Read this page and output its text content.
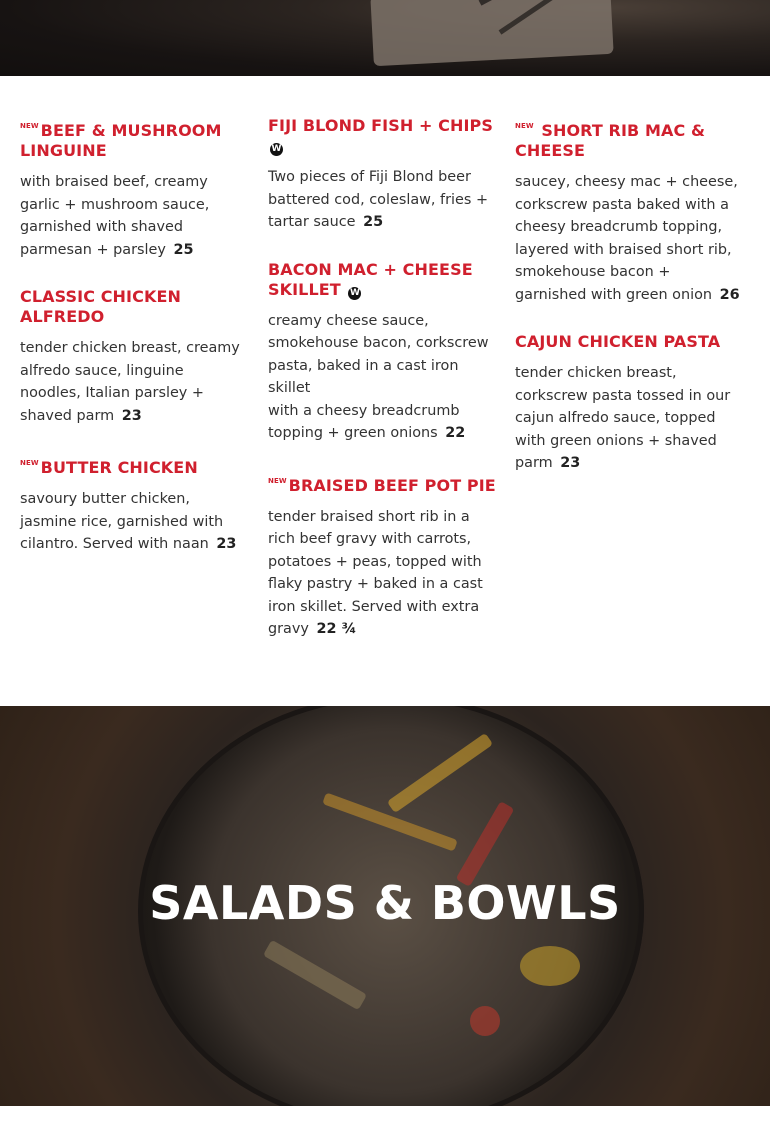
$^{NEW}$ BEEF & MUSHROOM LINGUINE
with braised beef, creamy garlic + mushroom sauce, garnished with shaved parmesan + parsley 25
CLASSIC CHICKEN ALFREDO
tender chicken breast, creamy alfredo sauce, linguine noodles, Italian parsley + shaved parm 23
$^{NEW}$ BUTTER CHICKEN
savoury butter chicken, jasmine rice, garnished with cilantro. Served with naan 23
FIJI BLOND FISH + CHIPS W
Two pieces of Fiji Blond beer battered cod, coleslaw, fries + tartar sauce 25
BACON MAC + CHEESE SKILLET W
creamy cheese sauce, smokehouse bacon, corkscrew pasta, baked in a cast iron skillet
with a cheesy breadcrumb topping + green onions 22
$^{NEW}$ BRAISED BEEF POT PIE
tender braised short rib in a rich beef gravy with carrots, potatoes + peas, topped with flaky pastry + baked in a cast iron skillet. Served with extra gravy 22 ¾
$^{NEW}$ SHORT RIB MAC & CHEESE
saucey, cheesy mac + cheese, corkscrew pasta baked with a cheesy breadcrumb topping, layered with braised short rib, smokehouse bacon + garnished with green onion 26
CAJUN CHICKEN PASTA
tender chicken breast, corkscrew pasta tossed in our cajun alfredo sauce, topped with green onions + shaved parm 23
SALADS & BOWLS
